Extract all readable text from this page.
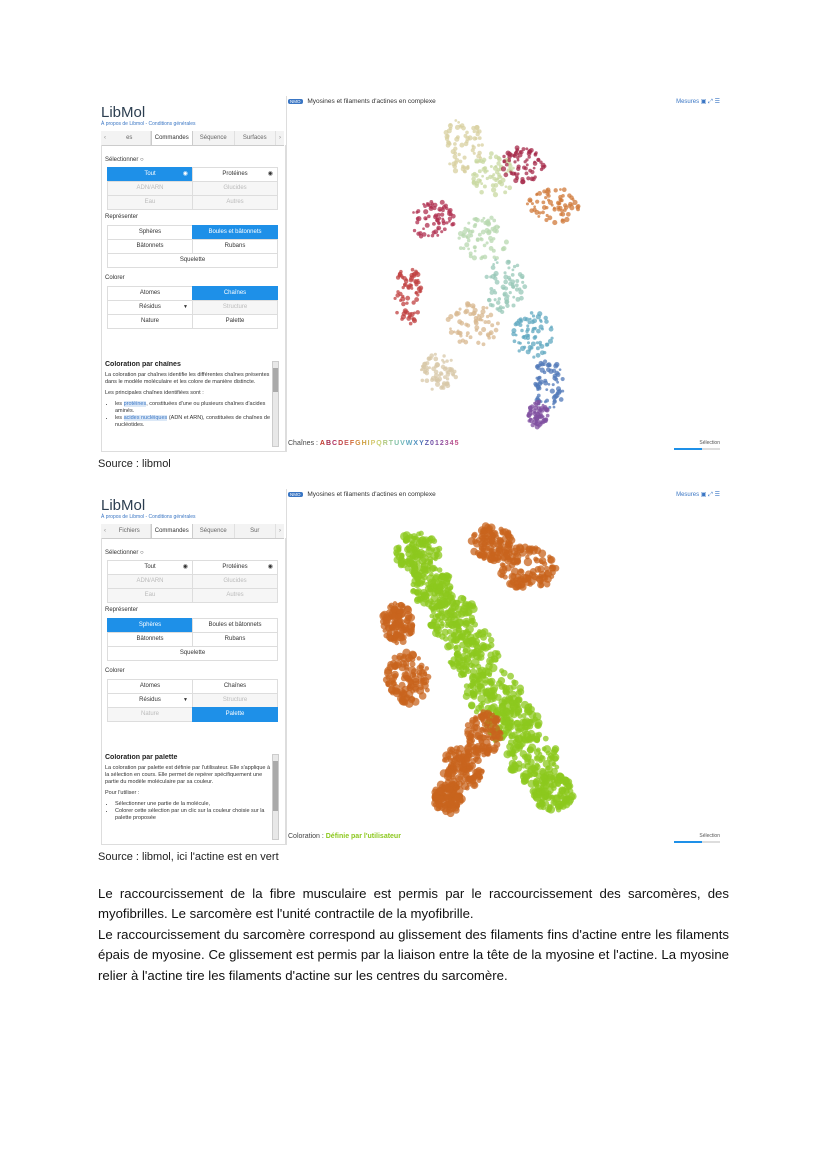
LibMol
À propos de Libmol - Conditions générales
‹	es	Commandes	Séquence	Surfaces	›
Sélectionner ○
Tout	◉	Protéines	◉
ADN/ARN	Glucides
Eau	Autres
Représenter
Sphères	Boules et bâtonnets
Bâtonnets	Rubans
Squelette
Colorer
Atomes	Chaînes
Résidus	▼	Structure
Nature	Palette
Coloration par chaînes

La coloration par chaînes identifie les différentes chaînes présentes dans le modèle moléculaire et les colore de manière distincte.

Les principales chaînes identifiées sont :

• les protéines, constituées d'une ou plusieurs chaînes d'acides aminés.
• les acides nucléiques (ADN et ARN), constituées de chaînes de nucléotides.
NMO Myosines et filaments d'actines en complexe	Mesures ▣ ⤢ ☰
Chaînes : ABCDEFGHIPQRTUVWXYZ012345	Sélection
Source : libmol
LibMol
À propos de Libmol - Conditions générales
‹	Fichiers	Commandes	Séquence	Sur	›
Sélectionner ○
Tout	◉	Protéines	◉
ADN/ARN	Glucides
Eau	Autres
Représenter
Sphères	Boules et bâtonnets
Bâtonnets	Rubans
Squelette
Colorer
Atomes	Chaînes
Résidus	▼	Structure
Nature	Palette
Coloration par palette

La coloration par palette est définie par l'utilisateur. Elle s'applique à la sélection en cours. Elle permet de repérer spécifiquement une partie du modèle moléculaire par sa couleur.

Pour l'utiliser :

• Sélectionner une partie de la molécule,
• Colorer cette sélection par un clic sur la couleur choisie sur la palette proposée
NMO Myosines et filaments d'actines en complexe	Mesures ▣ ⤢ ☰
Coloration : Définie par l'utilisateur	Sélection
Source : libmol, ici l'actine est en vert

Le raccourcissement de la fibre musculaire est permis par le raccourcissement des sarcomères, des myofibrilles. Le sarcomère est l'unité contractile de la myofibrille.

Le raccourcissement du sarcomère correspond au glissement des filaments fins d'actine entre les filaments épais de myosine. Ce glissement est permis par la liaison entre la tête de la myosine et l'actine. La myosine relier à l'actine tire les filaments d'actine sur les centres du sarcomère.
